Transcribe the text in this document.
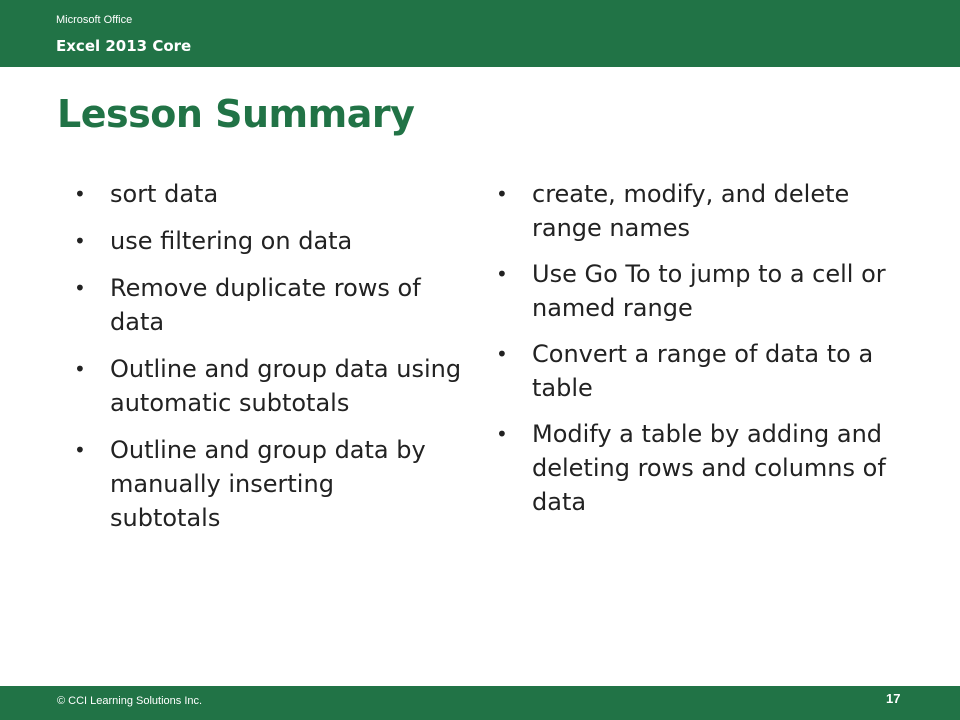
Microsoft Office
Excel 2013 Core
Lesson Summary
•	sort data
•	use filtering on data
•	Remove duplicate rows of data
•	Outline and group data using automatic subtotals
•	Outline and group data by manually inserting subtotals
•	create, modify, and delete range names
•	Use Go To to jump to a cell or named range
•	Convert a range of data to a table
•	Modify a table by adding and deleting rows and columns of data
© CCI Learning Solutions Inc.	17
